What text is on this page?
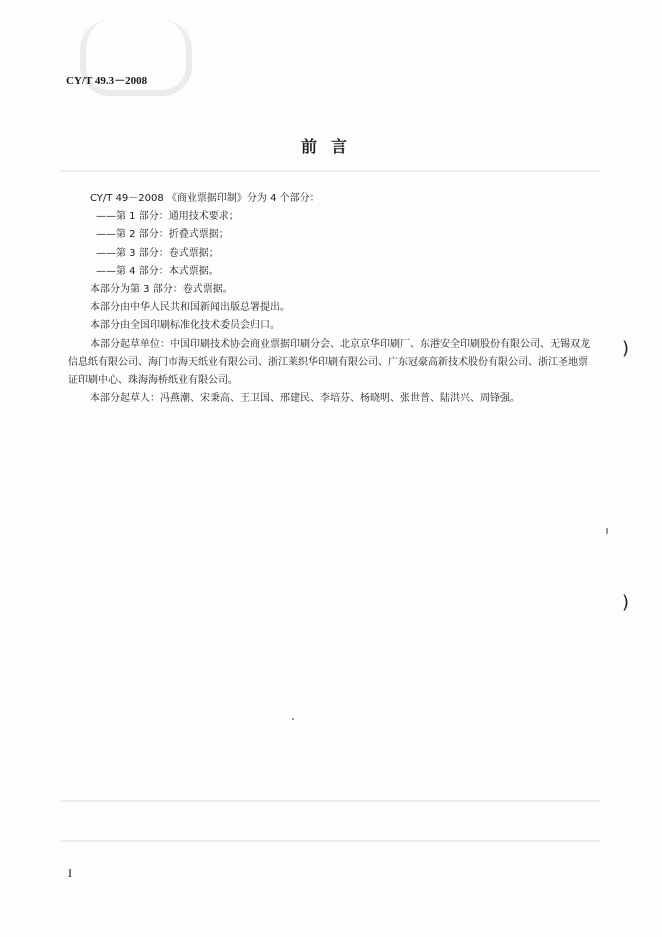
CY/T 49.3－2008
前言

CY/T 49－2008 《商业票据印制》分为 4 个部分：

——第 1 部分：通用技术要求；

——第 2 部分：折叠式票据；

——第 3 部分：卷式票据；

——第 4 部分：本式票据。

本部分为第 3 部分：卷式票据。

本部分由中华人民共和国新闻出版总署提出。

本部分由全国印刷标准化技术委员会归口。

本部分起草单位：中国印刷技术协会商业票据印刷分会、北京京华印刷厂、东港安全印刷股份有限公司、无锡双龙信息纸有限公司、海门市海天纸业有限公司、浙江莱织华印刷有限公司、广东冠豪高新技术股份有限公司、浙江圣地票证印刷中心、珠海海桥纸业有限公司。

本部分起草人：冯燕潮、宋秉高、王卫国、邢建民、李培芬、杨晓明、张世普、陆洪兴、周锋强。

)
)
I
